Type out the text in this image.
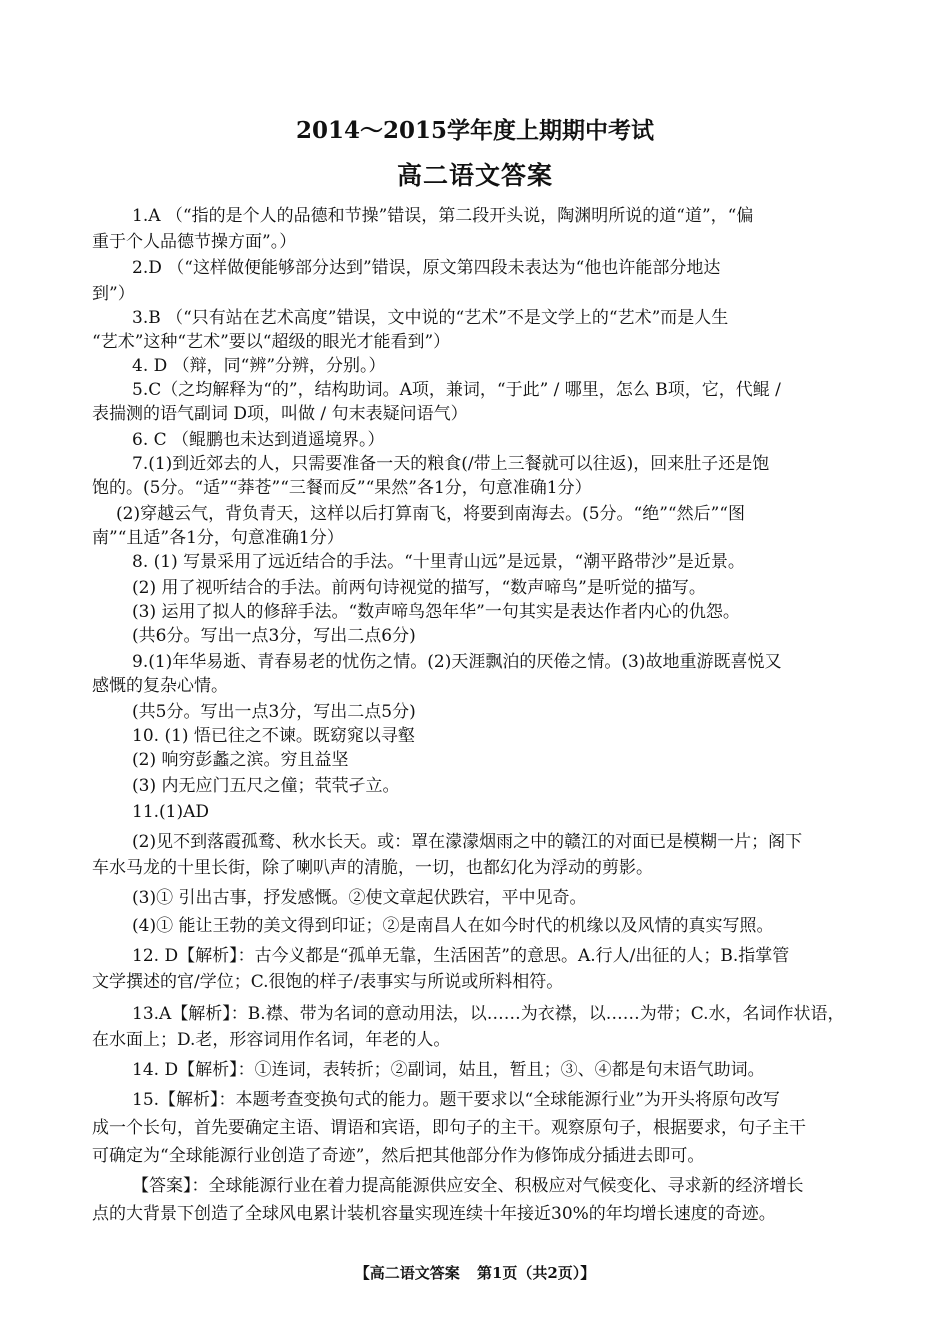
2014～2015学年度上期期中考试
高二语文答案
1.A （“指的是个人的品德和节操”错误，第二段开头说，陶渊明所说的道“道”，“偏
重于个人品德节操方面”。）
2.D （“这样做便能够部分达到”错误，原文第四段未表达为“他也许能部分地达
到”）
3.B （“只有站在艺术高度”错误，文中说的“艺术”不是文学上的“艺术”而是人生
“艺术”这种“艺术”要以“超级的眼光才能看到”）
4. D （辩，同“辨”分辨，分别。）
5.C（之均解释为“的”，结构助词。A项，兼词，“于此” / 哪里，怎么 B项，它，代鲲 /
表揣测的语气副词 D项，叫做 / 句末表疑问语气）
6. C （鲲鹏也未达到逍遥境界。）
7.(1)到近郊去的人，只需要准备一天的粮食(/带上三餐就可以往返)，回来肚子还是饱
饱的。(5分。“适”“莽苍”“三餐而反”“果然”各1分，句意准确1分）
(2)穿越云气，背负青天，这样以后打算南飞，将要到南海去。(5分。“绝”“然后”“图
南”“且适”各1分，句意准确1分）
8. (1) 写景采用了远近结合的手法。“十里青山远”是远景，“潮平路带沙”是近景。
(2) 用了视听结合的手法。前两句诗视觉的描写，“数声啼鸟”是听觉的描写。
(3) 运用了拟人的修辞手法。“数声啼鸟怨年华”一句其实是表达作者内心的仇怨。
(共6分。写出一点3分，写出二点6分)
9.(1)年华易逝、青春易老的忧伤之情。(2)天涯飘泊的厌倦之情。(3)故地重游既喜悦又
感慨的复杂心情。
(共5分。写出一点3分，写出二点5分)
10. (1) 悟已往之不谏。既窈窕以寻壑
(2) 响穷彭蠡之滨。穷且益坚
(3) 内无应门五尺之僮；茕茕孑立。
11.(1)AD
(2)见不到落霞孤鹜、秋水长天。或：罩在濛濛烟雨之中的赣江的对面已是模糊一片；阁下
车水马龙的十里长街，除了喇叭声的清脆，一切，也都幻化为浮动的剪影。
(3)① 引出古事，抒发感慨。②使文章起伏跌宕，平中见奇。
(4)① 能让王勃的美文得到印证；②是南昌人在如今时代的机缘以及风情的真实写照。
12. D【解析】：古今义都是“孤单无靠，生活困苦”的意思。A.行人/出征的人；B.指掌管
文学撰述的官/学位；C.很饱的样子/表事实与所说或所料相符。
13.A【解析】：B.襟、带为名词的意动用法，以……为衣襟，以……为带；C.水，名词作状语，
在水面上；D.老，形容词用作名词，年老的人。
14. D【解析】：①连词，表转折；②副词，姑且，暂且；③、④都是句末语气助词。
15.【解析】：本题考查变换句式的能力。题干要求以“全球能源行业”为开头将原句改写
成一个长句，首先要确定主语、谓语和宾语，即句子的主干。观察原句子，根据要求，句子主干
可确定为“全球能源行业创造了奇迹”，然后把其他部分作为修饰成分插进去即可。
【答案】：全球能源行业在着力提高能源供应安全、积极应对气候变化、寻求新的经济增长
点的大背景下创造了全球风电累计装机容量实现连续十年接近30%的年均增长速度的奇迹。
【高二语文答案 第1页（共2页）】
